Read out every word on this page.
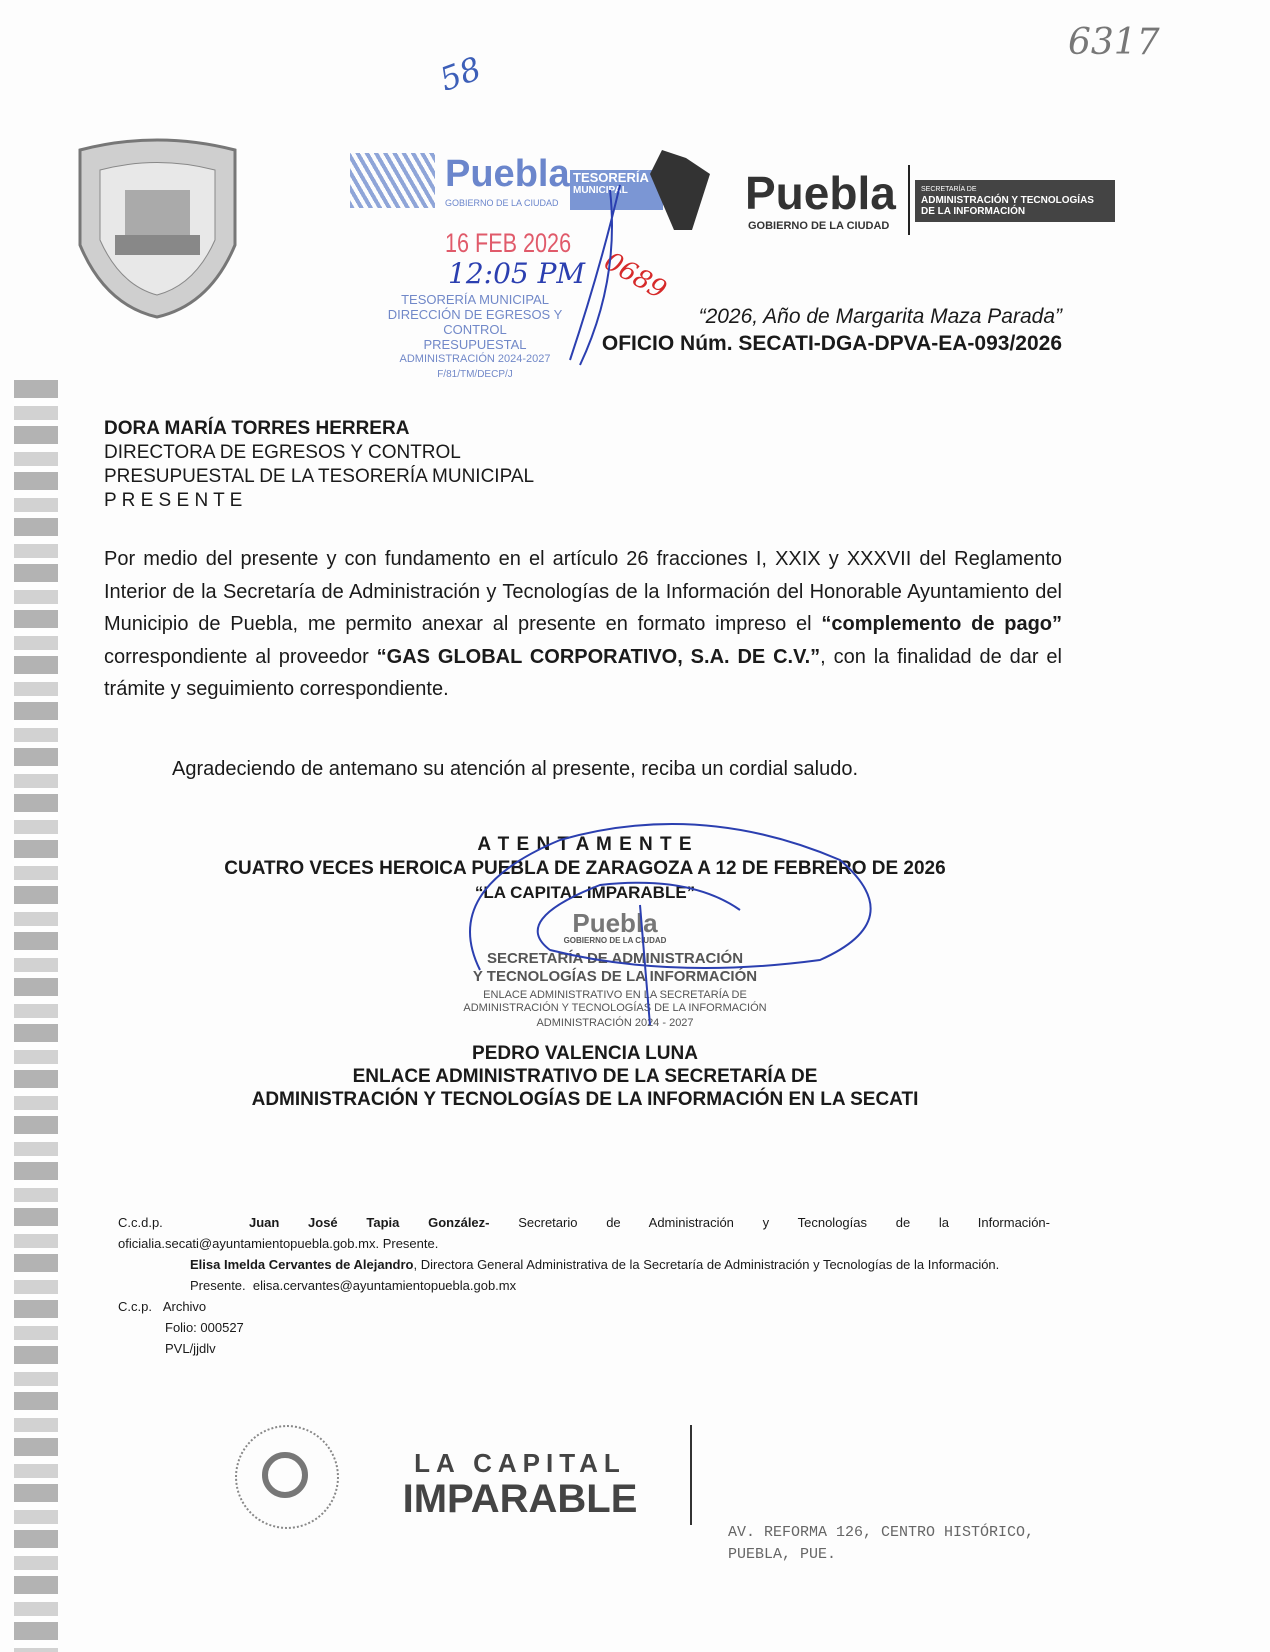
6317
58
Puebla
GOBIERNO DE LA CIUDAD
TESORERÍA
MUNICIPAL	Puebla
GOBIERNO DE LA CIUDAD
SECRETARÍA DE
ADMINISTRACIÓN Y TECNOLOGÍAS
DE LA INFORMACIÓN
16 FEB 2026
12:05 PM
TESORERÍA MUNICIPAL
DIRECCIÓN DE EGRESOS Y CONTROL
PRESUPUESTAL
ADMINISTRACIÓN 2024-2027
F/81/TM/DECP/J
0689
“2026, Año de Margarita Maza Parada”
OFICIO Núm. SECATI-DGA-DPVA-EA-093/2026
DORA MARÍA TORRES HERRERA
DIRECTORA DE EGRESOS Y CONTROL
PRESUPUESTAL DE LA TESORERÍA MUNICIPAL
P R E S E N T E
Por medio del presente y con fundamento en el artículo 26 fracciones I, XXIX y XXXVII del Reglamento Interior de la Secretaría de Administración y Tecnologías de la Información del Honorable Ayuntamiento del Municipio de Puebla, me permito anexar al presente en formato impreso el “complemento de pago” correspondiente al proveedor “GAS GLOBAL CORPORATIVO, S.A. DE C.V.”, con la finalidad de dar el trámite y seguimiento correspondiente.
Agradeciendo de antemano su atención al presente, reciba un cordial saludo.
A T E N T A M E N T E
CUATRO VECES HEROICA PUEBLA DE ZARAGOZA A 12 DE FEBRERO DE 2026
“LA CAPITAL IMPARABLE”
Puebla
GOBIERNO DE LA CIUDAD
SECRETARÍA DE ADMINISTRACIÓN
Y TECNOLOGÍAS DE LA INFORMACIÓN
ENLACE ADMINISTRATIVO EN LA SECRETARÍA DE
ADMINISTRACIÓN Y TECNOLOGÍAS DE LA INFORMACIÓN
ADMINISTRACIÓN 2024 - 2027
PEDRO VALENCIA LUNA
ENLACE ADMINISTRATIVO DE LA SECRETARÍA DE
ADMINISTRACIÓN Y TECNOLOGÍAS DE LA INFORMACIÓN EN LA SECATI
C.c.d.p.	Juan José Tapia González- Secretario de Administración y Tecnologías de la Información-
oficialia.secati@ayuntamientopuebla.gob.mx. Presente.
Elisa Imelda Cervantes de Alejandro, Directora General Administrativa de la Secretaría de Administración y Tecnologías de la Información. Presente. elisa.cervantes@ayuntamientopuebla.gob.mx
C.c.p. Archivo
Folio: 000527
PVL/jjdlv
LA CAPITAL
IMPARABLE
AV. REFORMA 126, CENTRO HISTÓRICO,
PUEBLA, PUE.
